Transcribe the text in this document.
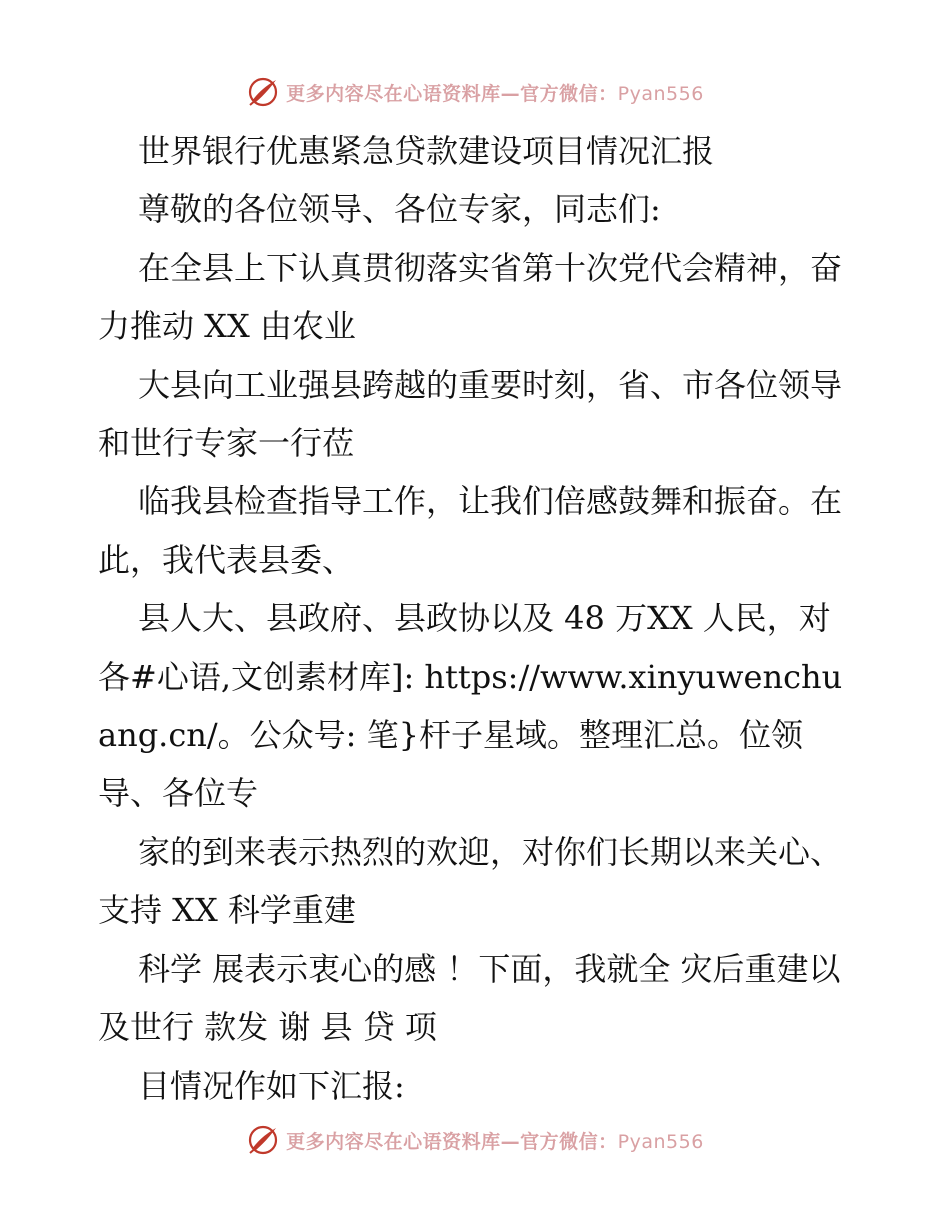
更多内容尽在心语资料库—官方微信：Pyan556

世界银行优惠紧急贷款建设项目情况汇报

尊敬的各位领导、各位专家，同志们:

在全县上下认真贯彻落实省第十次党代会精神，奋力推动 XX 由农业

大县向工业强县跨越的重要时刻，省、市各位领导和世行专家一行莅

临我县检查指导工作，让我们倍感鼓舞和振奋。在此，我代表县委、

县人大、县政府、县政协以及 48 万XX 人民，对各#心语,文创素材库]: https://www.xinyuwenchuang.cn/。公众号: 笔}杆子星域。整理汇总。位领导、各位专

家的到来表示热烈的欢迎，对你们长期以来关心、支持 XX 科学重建

科学 展表示衷心的感 ！下面，我就全 灾后重建以及世行 款发 谢 县 贷 项

目情况作如下汇报:

更多内容尽在心语资料库—官方微信：Pyan556
